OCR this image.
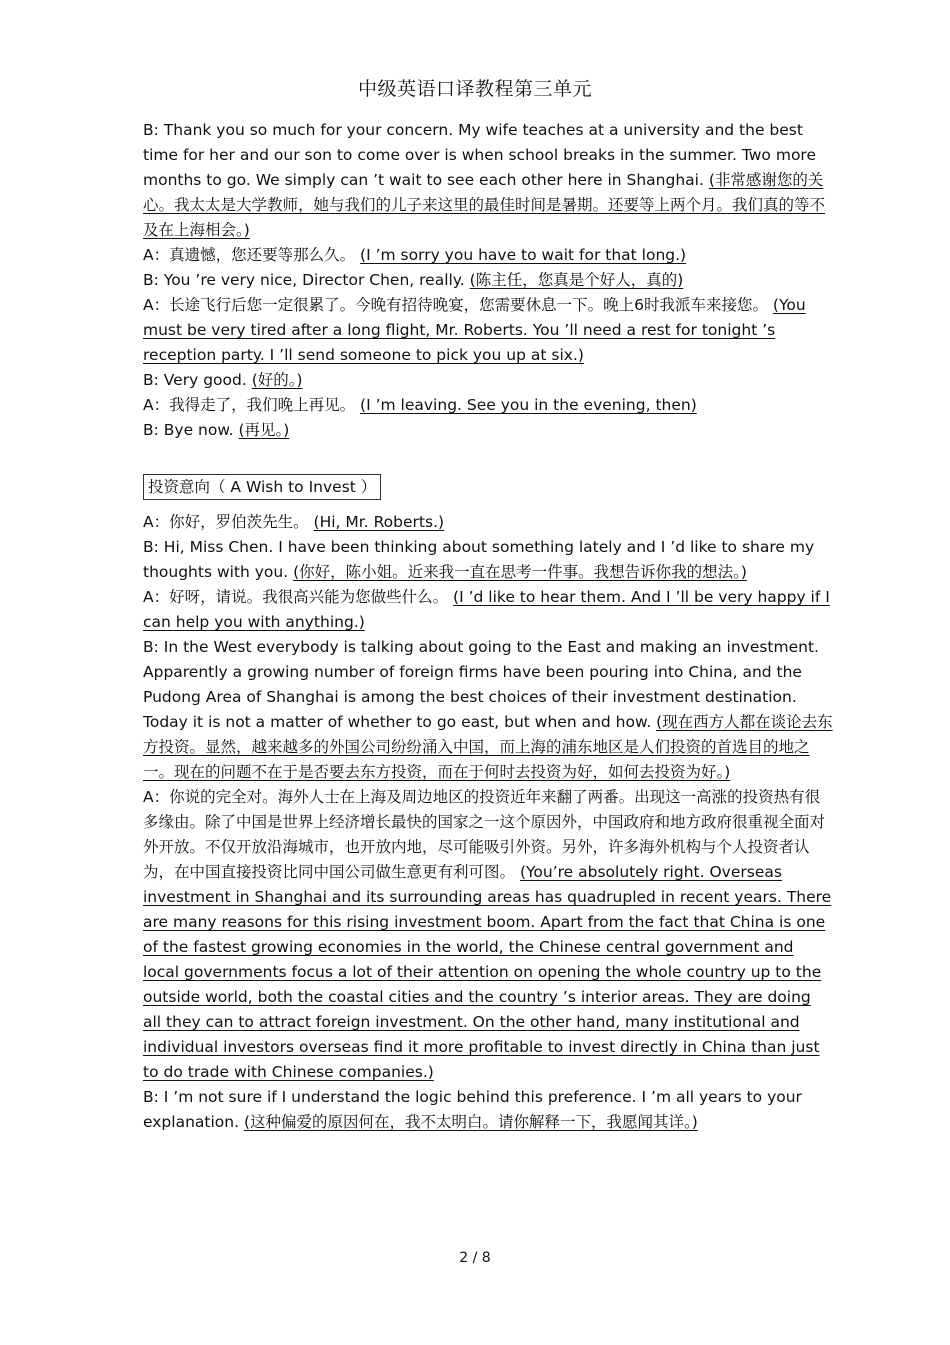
中级英语口译教程第三单元

B: Thank you so much for your concern. My wife teaches at a university and the best time for her and our son to come over is when school breaks in the summer. Two more months to go. We simply can ’t wait to see each other here in Shanghai. (非常感谢您的关心。我太太是大学教师，她与我们的儿子来这里的最佳时间是暑期。还要等上两个月。我们真的等不及在上海相会。)

A：真遗憾，您还要等那么久。 (I ’m sorry you have to wait for that long.)

B: You ’re very nice, Director Chen, really. (陈主任，您真是个好人，真的)

A：长途飞行后您一定很累了。今晚有招待晚宴，您需要休息一下。晚上6时我派车来接您。 (You must be very tired after a long flight, Mr. Roberts. You ’ll need a rest for tonight ’s reception party. I ’ll send someone to pick you up at six.)

B: Very good. (好的。)

A：我得走了，我们晚上再见。 (I ’m leaving. See you in the evening, then)

B: Bye now. (再见。)

投资意向（ A Wish to Invest ）

A：你好，罗伯茨先生。 (Hi, Mr. Roberts.)

B: Hi, Miss Chen. I have been thinking about something lately and I ’d like to share my thoughts with you. (你好，陈小姐。近来我一直在思考一件事。我想告诉你我的想法。)

A：好呀，请说。我很高兴能为您做些什么。 (I ’d like to hear them. And I ’ll be very happy if I can help you with anything.)

B: In the West everybody is talking about going to the East and making an investment. Apparently a growing number of foreign firms have been pouring into China, and the Pudong Area of Shanghai is among the best choices of their investment destination. Today it is not a matter of whether to go east, but when and how. (现在西方人都在谈论去东方投资。显然，越来越多的外国公司纷纷涌入中国，而上海的浦东地区是人们投资的首选目的地之一。现在的问题不在于是否要去东方投资，而在于何时去投资为好，如何去投资为好。)

A：你说的完全对。海外人士在上海及周边地区的投资近年来翻了两番。出现这一高涨的投资热有很多缘由。除了中国是世界上经济增长最快的国家之一这个原因外，中国政府和地方政府很重视全面对外开放。不仅开放沿海城市，也开放内地，尽可能吸引外资。另外，许多海外机构与个人投资者认为，在中国直接投资比同中国公司做生意更有利可图。 (You’re absolutely right. Overseas investment in Shanghai and its surrounding areas has quadrupled in recent years. There are many reasons for this rising investment boom. Apart from the fact that China is one of the fastest growing economies in the world, the Chinese central government and local governments focus a lot of their attention on opening the whole country up to the outside world, both the coastal cities and the country ’s interior areas. They are doing all they can to attract foreign investment. On the other hand, many institutional and individual investors overseas find it more profitable to invest directly in China than just to do trade with Chinese companies.)

B: I ’m not sure if I understand the logic behind this preference. I ’m all years to your explanation. (这种偏爱的原因何在，我不太明白。请你解释一下，我愿闻其详。)

2 / 8
